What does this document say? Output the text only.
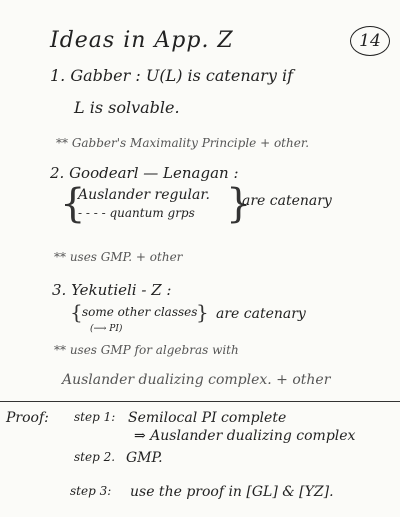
Ideas in App. Z	14
1. Gabber : U(L) is catenary if
L is solvable.
** Gabber's Maximality Principle + other.
2. Goodearl — Lenagan :
{
Auslander regular.
- - - - quantum grps }
are catenary
** uses GMP. + other
3. Yekutieli - Z :
{ some other classes
} are catenary
(⟶ PI)
** uses GMP for algebras with
Auslander dualizing complex. + other
Proof: step 1: Semilocal PI complete
⇒ Auslander dualizing complex
step 2. GMP.
step 3: use the proof in [GL] & [YZ].
